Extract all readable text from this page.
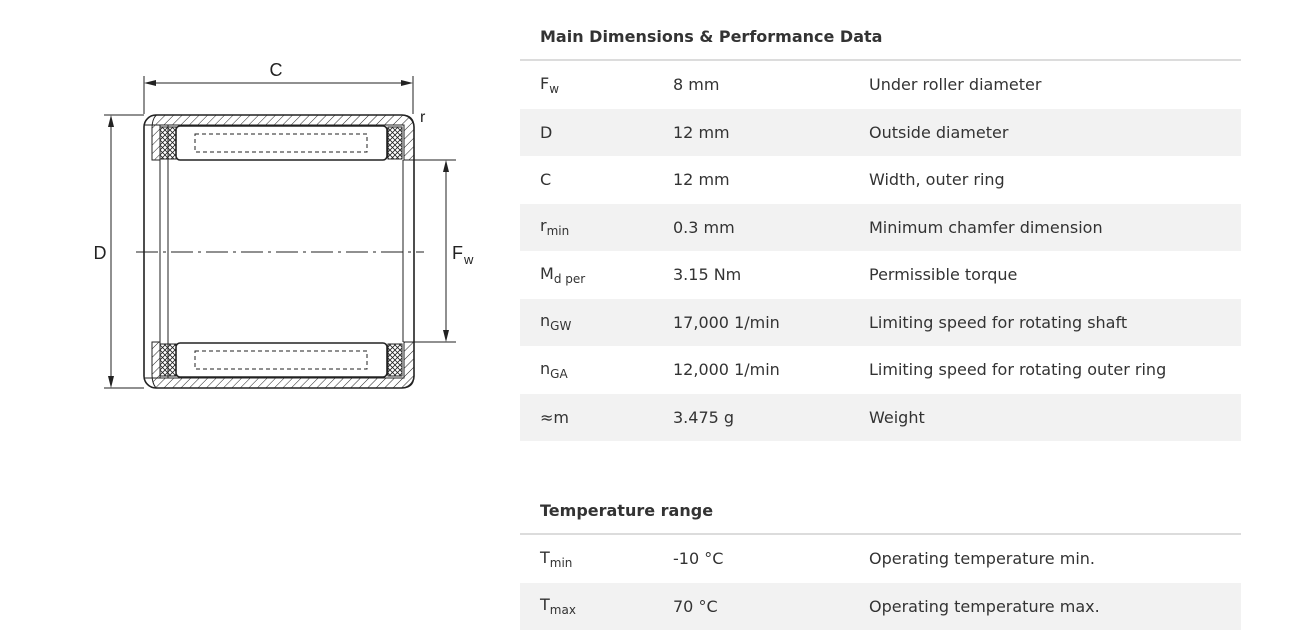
C
D	F w
r
Main Dimensions & Performance Data
$F_w$	8 mm	Under roller diameter
D	12 mm	Outside diameter
C	12 mm	Width, outer ring
$r_{min}$	0.3 mm	Minimum chamfer dimension
$M_{d per}$	3.15 Nm	Permissible torque
$n_{GW}$	17,000 1/min	Limiting speed for rotating shaft
$n_{GA}$	12,000 1/min	Limiting speed for rotating outer ring
≈m	3.475 g	Weight
Temperature range
$T_{min}$	-10 °C	Operating temperature min.
$T_{max}$	70 °C	Operating temperature max.
